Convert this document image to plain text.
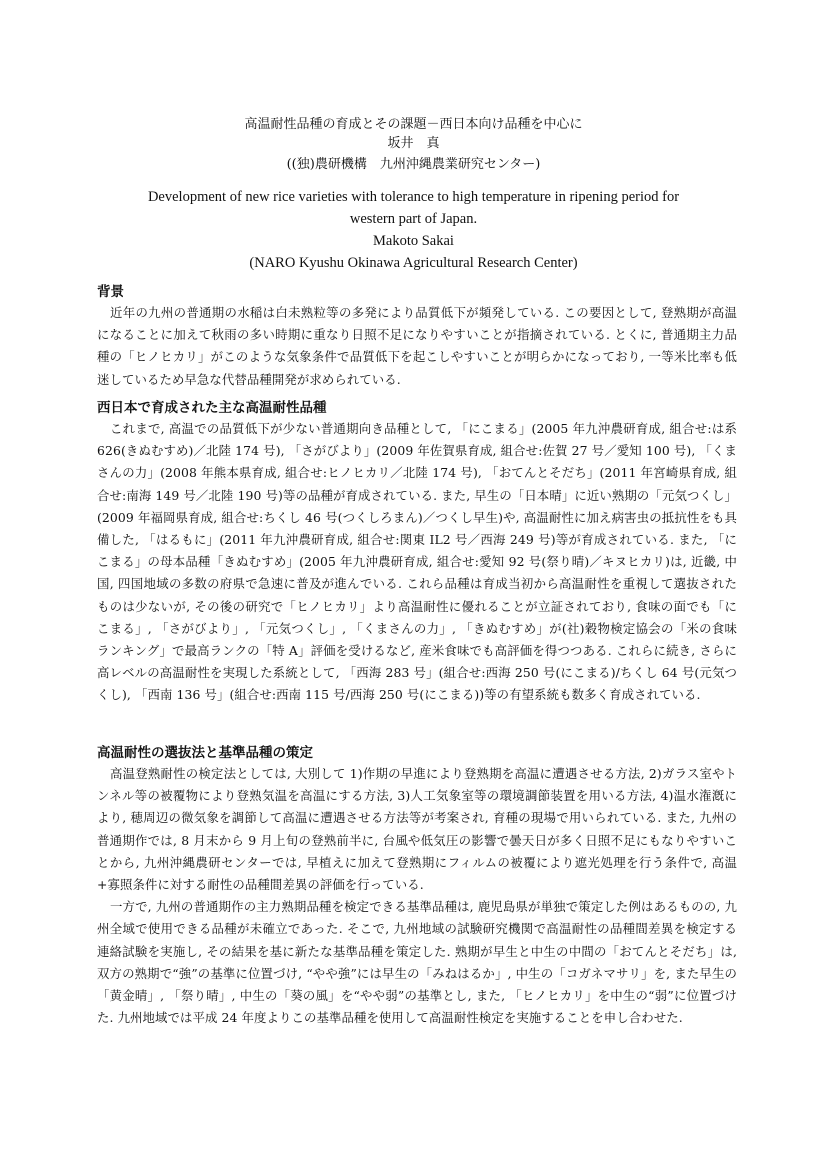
高温耐性品種の育成とその課題－西日本向け品種を中心に
坂井　真
((独)農研機構　九州沖縄農業研究センター)
Development of new rice varieties with tolerance to high temperature in ripening period for
western part of Japan.
Makoto Sakai
(NARO Kyushu Okinawa Agricultural Research Center)
背景

近年の九州の普通期の水稲は白未熟粒等の多発により品質低下が頻発している. この要因として, 登熟期が高温になることに加えて秋雨の多い時期に重なり日照不足になりやすいことが指摘されている. とくに, 普通期主力品種の「ヒノヒカリ」がこのような気象条件で品質低下を起こしやすいことが明らかになっており, 一等米比率も低迷しているため早急な代替品種開発が求められている.

西日本で育成された主な高温耐性品種

これまで, 高温での品質低下が少ない普通期向き品種として, 「にこまる」(2005 年九沖農研育成, 組合せ:は系 626(きぬむすめ)／北陸 174 号), 「さがびより」(2009 年佐賀県育成, 組合せ:佐賀 27 号／愛知 100 号), 「くまさんの力」(2008 年熊本県育成, 組合せ:ヒノヒカリ／北陸 174 号), 「おてんとそだち」(2011 年宮崎県育成, 組合せ:南海 149 号／北陸 190 号)等の品種が育成されている. また, 早生の「日本晴」に近い熟期の「元気つくし」(2009 年福岡県育成, 組合せ:ちくし 46 号(つくしろまん)／つくし早生)や, 高温耐性に加え病害虫の抵抗性をも具備した, 「はるもに」(2011 年九沖農研育成, 組合せ:関東 IL2 号／西海 249 号)等が育成されている. また, 「にこまる」の母本品種「きぬむすめ」(2005 年九沖農研育成, 組合せ:愛知 92 号(祭り晴)／キヌヒカリ)は, 近畿, 中国, 四国地域の多数の府県で急速に普及が進んでいる. これら品種は育成当初から高温耐性を重視して選抜されたものは少ないが, その後の研究で「ヒノヒカリ」より高温耐性に優れることが立証されており, 食味の面でも「にこまる」, 「さがびより」, 「元気つくし」, 「くまさんの力」, 「きぬむすめ」が(社)穀物検定協会の「米の食味ランキング」で最高ランクの「特 A」評価を受けるなど, 産米食味でも高評価を得つつある. これらに続き, さらに高レベルの高温耐性を実現した系統として, 「西海 283 号」(組合せ:西海 250 号(にこまる)/ちくし 64 号(元気つくし), 「西南 136 号」(組合せ:西南 115 号/西海 250 号(にこまる))等の有望系統も数多く育成されている.

高温耐性の選抜法と基準品種の策定

高温登熟耐性の検定法としては, 大別して 1)作期の早進により登熟期を高温に遭遇させる方法, 2)ガラス室やトンネル等の被覆物により登熟気温を高温にする方法, 3)人工気象室等の環境調節装置を用いる方法, 4)温水潅漑により, 穂周辺の微気象を調節して高温に遭遇させる方法等が考案され, 育種の現場で用いられている. また, 九州の普通期作では, 8 月末から 9 月上旬の登熟前半に, 台風や低気圧の影響で曇天日が多く日照不足にもなりやすいことから, 九州沖縄農研センターでは, 早植えに加えて登熟期にフィルムの被覆により遮光処理を行う条件で, 高温+寡照条件に対する耐性の品種間差異の評価を行っている.

一方で, 九州の普通期作の主力熟期品種を検定できる基準品種は, 鹿児島県が単独で策定した例はあるものの, 九州全域で使用できる品種が未確立であった. そこで, 九州地域の試験研究機関で高温耐性の品種間差異を検定する連絡試験を実施し, その結果を基に新たな基準品種を策定した. 熟期が早生と中生の中間の「おてんとそだち」は, 双方の熟期で“強”の基準に位置づけ, “やや強”には早生の「みねはるか」, 中生の「コガネマサリ」を, また早生の「黄金晴」, 「祭り晴」, 中生の「葵の風」を“やや弱”の基準とし, また, 「ヒノヒカリ」を中生の“弱”に位置づけた. 九州地域では平成 24 年度よりこの基準品種を使用して高温耐性検定を実施することを申し合わせた.
